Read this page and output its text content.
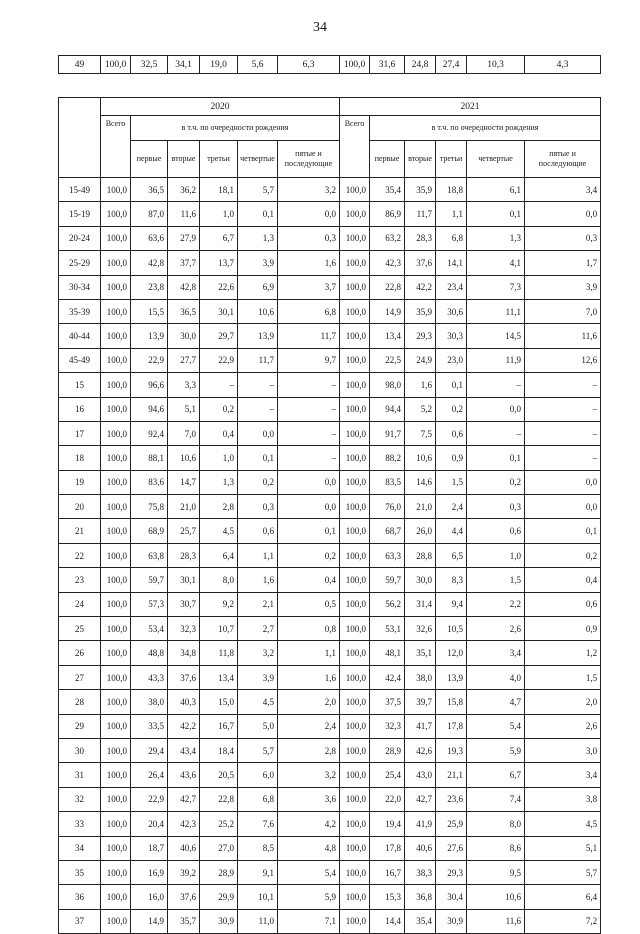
34
49	100,0	32,5	34,1	19,0	5,6	6,3	100,0	31,6	24,8	27,4	10,3	4,3
	2020						2021					
	Всего	в т.ч. по очередности рождения					Всего	в т.ч. по очередности рождения				
		первые	вторые	третьи	четвертые	пятые и последующие		первые	вторые	третьи	четвертые	пятые и последующие
15-49	100,0	36,5	36,2	18,1	5,7	3,2	100,0	35,4	35,9	18,8	6,1	3,4
15-19	100,0	87,0	11,6	1,0	0,1	0,0	100,0	86,9	11,7	1,1	0,1	0,0
20-24	100,0	63,6	27,9	6,7	1,3	0,3	100,0	63,2	28,3	6,8	1,3	0,3
25-29	100,0	42,8	37,7	13,7	3,9	1,6	100,0	42,3	37,6	14,1	4,1	1,7
30-34	100,0	23,8	42,8	22,6	6,9	3,7	100,0	22,8	42,2	23,4	7,3	3,9
35-39	100,0	15,5	36,5	30,1	10,6	6,8	100,0	14,9	35,9	30,6	11,1	7,0
40-44	100,0	13,9	30,0	29,7	13,9	11,7	100,0	13,4	29,3	30,3	14,5	11,6
45-49	100,0	22,9	27,7	22,9	11,7	9,7	100,0	22,5	24,9	23,0	11,9	12,6
15	100,0	96,6	3,3	–	–	–	100,0	98,0	1,6	0,1	–	–
16	100,0	94,6	5,1	0,2	–	–	100,0	94,4	5,2	0,2	0,0	–
17	100,0	92,4	7,0	0,4	0,0	–	100,0	91,7	7,5	0,6	–	–
18	100,0	88,1	10,6	1,0	0,1	–	100,0	88,2	10,6	0,9	0,1	–
19	100,0	83,6	14,7	1,3	0,2	0,0	100,0	83,5	14,6	1,5	0,2	0,0
20	100,0	75,8	21,0	2,8	0,3	0,0	100,0	76,0	21,0	2,4	0,3	0,0
21	100,0	68,9	25,7	4,5	0,6	0,1	100,0	68,7	26,0	4,4	0,6	0,1
22	100,0	63,8	28,3	6,4	1,1	0,2	100,0	63,3	28,8	6,5	1,0	0,2
23	100,0	59,7	30,1	8,0	1,6	0,4	100,0	59,7	30,0	8,3	1,5	0,4
24	100,0	57,3	30,7	9,2	2,1	0,5	100,0	56,2	31,4	9,4	2,2	0,6
25	100,0	53,4	32,3	10,7	2,7	0,8	100,0	53,1	32,6	10,5	2,6	0,9
26	100,0	48,8	34,8	11,8	3,2	1,1	100,0	48,1	35,1	12,0	3,4	1,2
27	100,0	43,3	37,6	13,4	3,9	1,6	100,0	42,4	38,0	13,9	4,0	1,5
28	100,0	38,0	40,3	15,0	4,5	2,0	100,0	37,5	39,7	15,8	4,7	2,0
29	100,0	33,5	42,2	16,7	5,0	2,4	100,0	32,3	41,7	17,8	5,4	2,6
30	100,0	29,4	43,4	18,4	5,7	2,8	100,0	28,9	42,6	19,3	5,9	3,0
31	100,0	26,4	43,6	20,5	6,0	3,2	100,0	25,4	43,0	21,1	6,7	3,4
32	100,0	22,9	42,7	22,8	6,8	3,6	100,0	22,0	42,7	23,6	7,4	3,8
33	100,0	20,4	42,3	25,2	7,6	4,2	100,0	19,4	41,9	25,9	8,0	4,5
34	100,0	18,7	40,6	27,0	8,5	4,8	100,0	17,8	40,6	27,6	8,6	5,1
35	100,0	16,9	39,2	28,9	9,1	5,4	100,0	16,7	38,3	29,3	9,5	5,7
36	100,0	16,0	37,6	29,9	10,1	5,9	100,0	15,3	36,8	30,4	10,6	6,4
37	100,0	14,9	35,7	30,9	11,0	7,1	100,0	14,4	35,4	30,9	11,6	7,2
